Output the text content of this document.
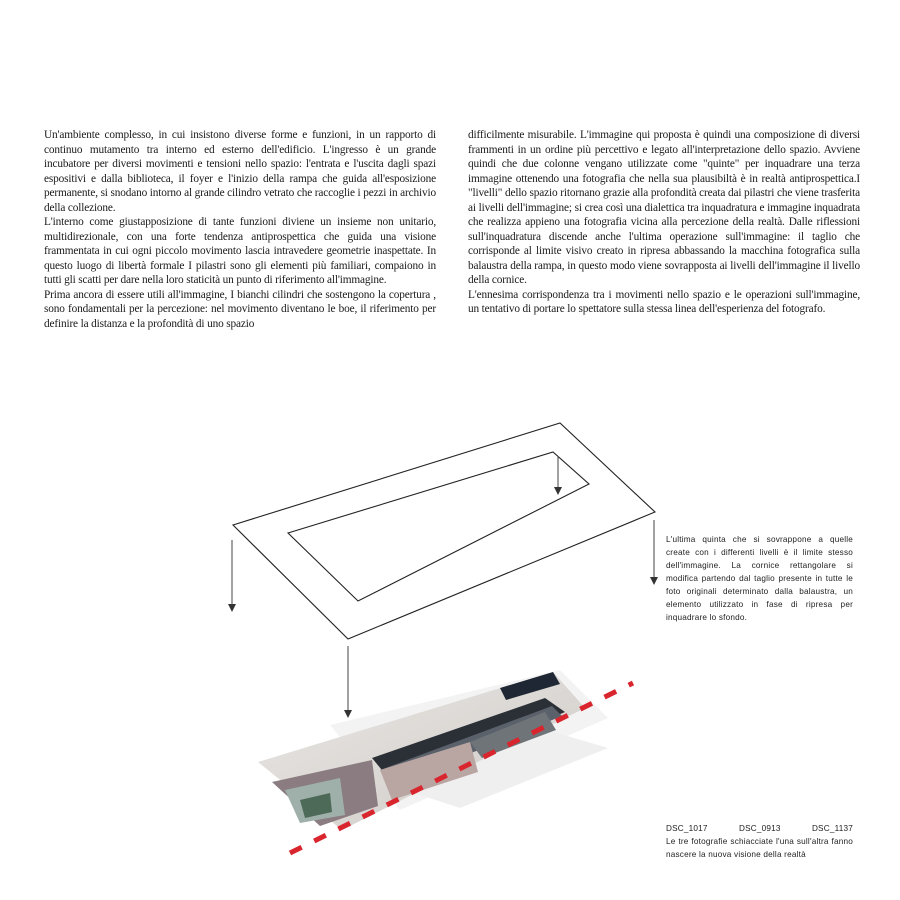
Un'ambiente complesso, in cui insistono diverse forme e funzioni, in un rapporto di continuo mutamento tra interno ed esterno dell'edificio. L'ingresso è un grande incubatore per diversi movimenti e tensioni nello spazio: l'entrata e l'uscita dagli spazi espositivi e dalla biblioteca, il foyer e l'inizio della rampa che guida all'esposizione permanente, si snodano intorno al grande cilindro vetrato che raccoglie i pezzi in archivio della collezione.

L'interno come giustapposizione di tante funzioni diviene un insieme non unitario, multidirezionale, con una forte tendenza antiprospettica che guida una visione frammentata in cui ogni piccolo movimento lascia intravedere geometrie inaspettate. In questo luogo di libertà formale I pilastri sono gli elementi più familiari, compaiono in tutti gli scatti per dare nella loro staticità un punto di riferimento all'immagine.

Prima ancora di essere utili all'immagine, I bianchi cilindri che sostengono la copertura , sono fondamentali per la percezione: nel movimento diventano le boe, il riferimento per definire la distanza e la profondità di uno spazio

difficilmente misurabile. L'immagine qui proposta è quindi una composizione di diversi frammenti in un ordine più percettivo e legato all'interpretazione dello spazio. Avviene quindi che due colonne vengano utilizzate come "quinte" per inquadrare una terza immagine ottenendo una fotografia che nella sua plausibiltà è in realtà antiprospettica.I "livelli" dello spazio ritornano grazie alla profondità creata dai pilastri che viene trasferita ai livelli dell'immagine; si crea così una dialettica tra inquadratura e immagine inquadrata che realizza appieno una fotografia vicina alla percezione della realtà. Dalle riflessioni sull'inquadratura discende anche l'ultima operazione sull'immagine: il taglio che corrisponde al limite visivo creato in ripresa abbassando la macchina fotografica sulla balaustra della rampa, in questo modo viene sovrapposta ai livelli dell'immagine il livello della cornice.

L'ennesima corrispondenza tra i movimenti nello spazio e le operazioni sull'immagine, un tentativo di portare lo spettatore sulla stessa linea dell'esperienza del fotografo.

L'ultima quinta che si sovrappone a quelle create con i differenti livelli è il limite stesso dell'immagine. La cornice rettangolare si modifica partendo dal taglio presente in tutte le foto originali determinato dalla balaustra, un elemento utilizzato in fase di ripresa per inquadrare lo sfondo.
DSC_1017	DSC_0913	DSC_1137
Le tre fotografie schiacciate l'una sull'altra fanno nascere la nuova visione della realtà
